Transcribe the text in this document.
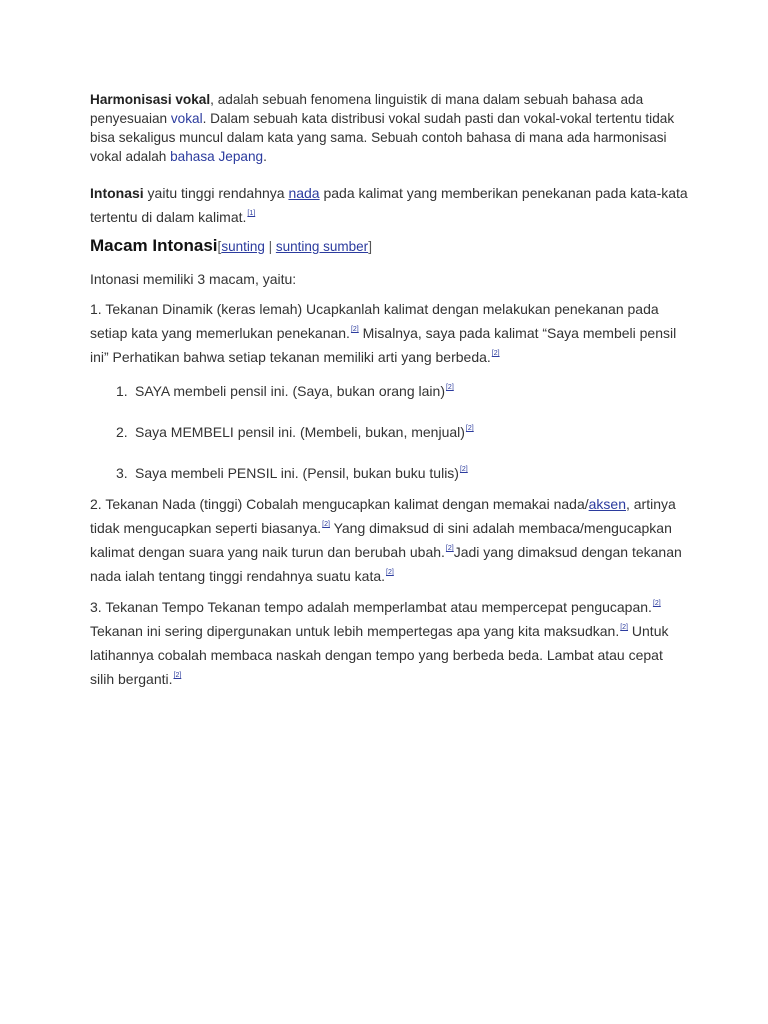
Harmonisasi vokal, adalah sebuah fenomena linguistik di mana dalam sebuah bahasa ada penyesuaian vokal. Dalam sebuah kata distribusi vokal sudah pasti dan vokal-vokal tertentu tidak bisa sekaligus muncul dalam kata yang sama. Sebuah contoh bahasa di mana ada harmonisasi vokal adalah bahasa Jepang.

Intonasi yaitu tinggi rendahnya nada pada kalimat yang memberikan penekanan pada kata-kata tertentu di dalam kalimat.[1]

Macam Intonasi[sunting | sunting sumber]

Intonasi memiliki 3 macam, yaitu:

1. Tekanan Dinamik (keras lemah) Ucapkanlah kalimat dengan melakukan penekanan pada setiap kata yang memerlukan penekanan.[2] Misalnya, saya pada kalimat “Saya membeli pensil ini” Perhatikan bahwa setiap tekanan memiliki arti yang berbeda.[2]

1. SAYA membeli pensil ini. (Saya, bukan orang lain)[2]
2. Saya MEMBELI pensil ini. (Membeli, bukan, menjual)[2]
3. Saya membeli PENSIL ini. (Pensil, bukan buku tulis)[2]

2. Tekanan Nada (tinggi) Cobalah mengucapkan kalimat dengan memakai nada/aksen, artinya tidak mengucapkan seperti biasanya.[2] Yang dimaksud di sini adalah membaca/mengucapkan kalimat dengan suara yang naik turun dan berubah ubah.[2]Jadi yang dimaksud dengan tekanan nada ialah tentang tinggi rendahnya suatu kata.[2]

3. Tekanan Tempo Tekanan tempo adalah memperlambat atau mempercepat pengucapan.[2] Tekanan ini sering dipergunakan untuk lebih mempertegas apa yang kita maksudkan.[2] Untuk latihannya cobalah membaca naskah dengan tempo yang berbeda beda. Lambat atau cepat silih berganti.[2]
